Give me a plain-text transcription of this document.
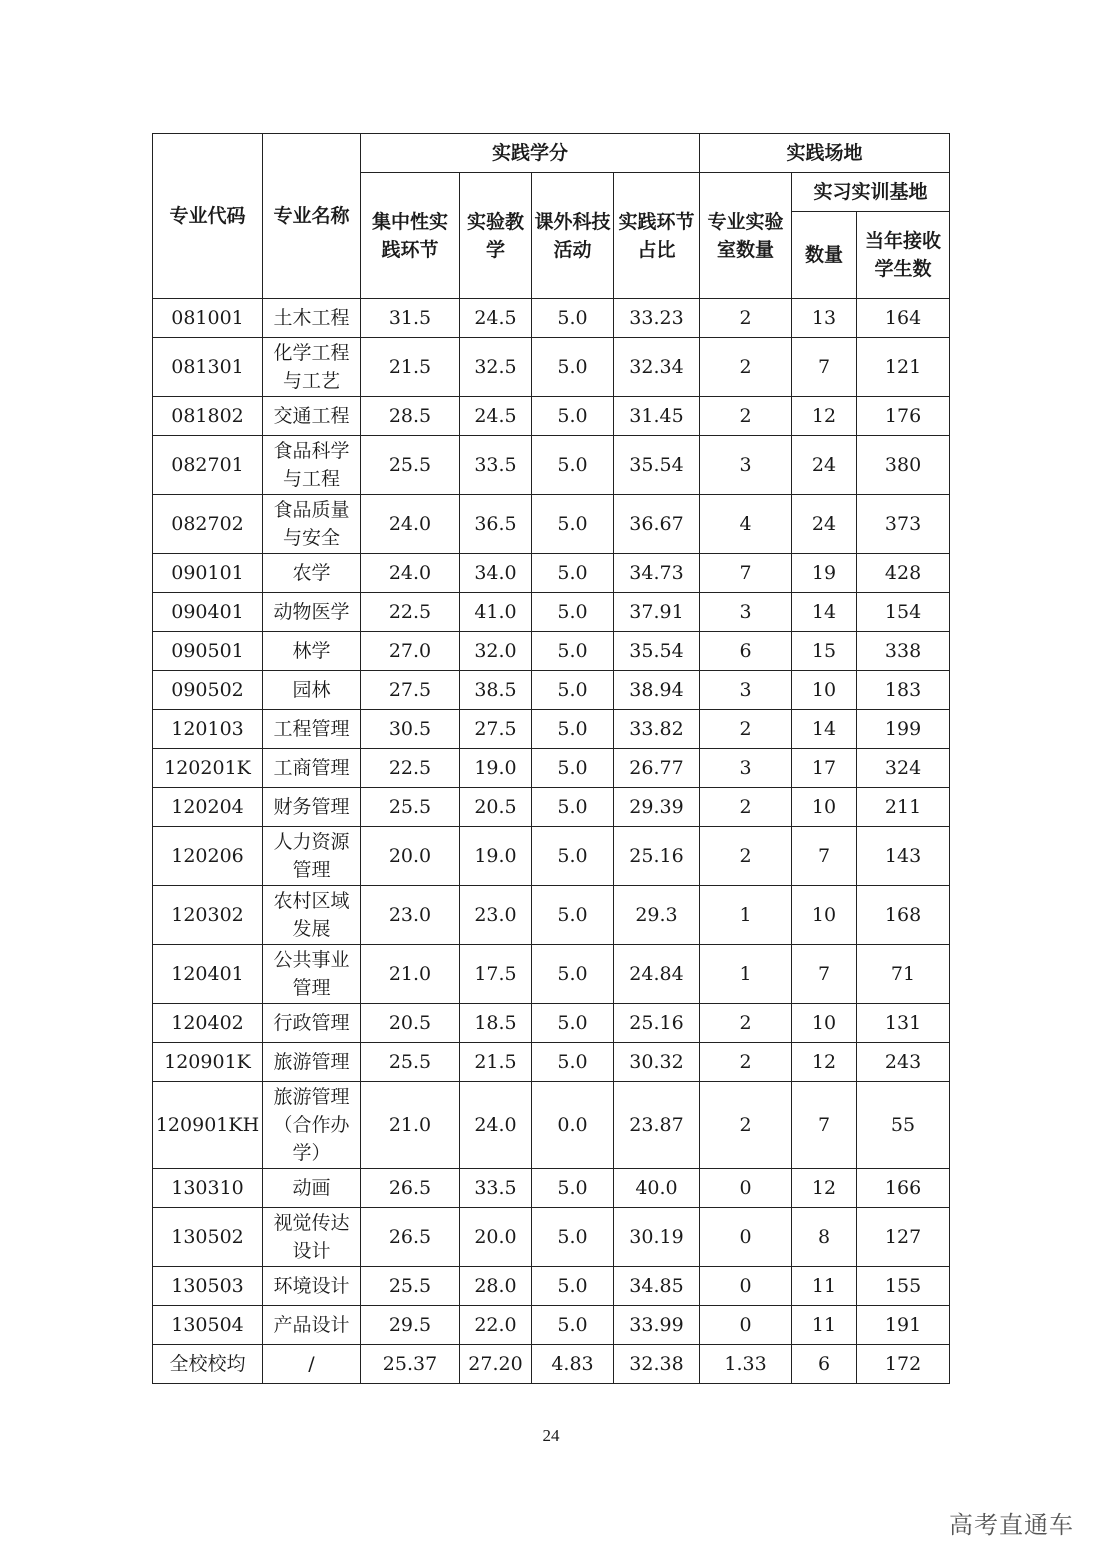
专业代码	专业名称	实践学分				实践场地		
		集中性实践环节	实验教学	课外科技活动	实践环节占比	专业实验室数量	实习实训基地	
							数量	当年接收学生数
081001	土木工程	31.5	24.5	5.0	33.23	2	13	164
081301	化学工程与工艺	21.5	32.5	5.0	32.34	2	7	121
081802	交通工程	28.5	24.5	5.0	31.45	2	12	176
082701	食品科学与工程	25.5	33.5	5.0	35.54	3	24	380
082702	食品质量与安全	24.0	36.5	5.0	36.67	4	24	373
090101	农学	24.0	34.0	5.0	34.73	7	19	428
090401	动物医学	22.5	41.0	5.0	37.91	3	14	154
090501	林学	27.0	32.0	5.0	35.54	6	15	338
090502	园林	27.5	38.5	5.0	38.94	3	10	183
120103	工程管理	30.5	27.5	5.0	33.82	2	14	199
120201K	工商管理	22.5	19.0	5.0	26.77	3	17	324
120204	财务管理	25.5	20.5	5.0	29.39	2	10	211
120206	人力资源管理	20.0	19.0	5.0	25.16	2	7	143
120302	农村区域发展	23.0	23.0	5.0	29.3	1	10	168
120401	公共事业管理	21.0	17.5	5.0	24.84	1	7	71
120402	行政管理	20.5	18.5	5.0	25.16	2	10	131
120901K	旅游管理	25.5	21.5	5.0	30.32	2	12	243
120901KH	旅游管理（合作办学）	21.0	24.0	0.0	23.87	2	7	55
130310	动画	26.5	33.5	5.0	40.0	0	12	166
130502	视觉传达设计	26.5	20.0	5.0	30.19	0	8	127
130503	环境设计	25.5	28.0	5.0	34.85	0	11	155
130504	产品设计	29.5	22.0	5.0	33.99	0	11	191
全校校均	/	25.37	27.20	4.83	32.38	1.33	6	172
24
高考直通车
